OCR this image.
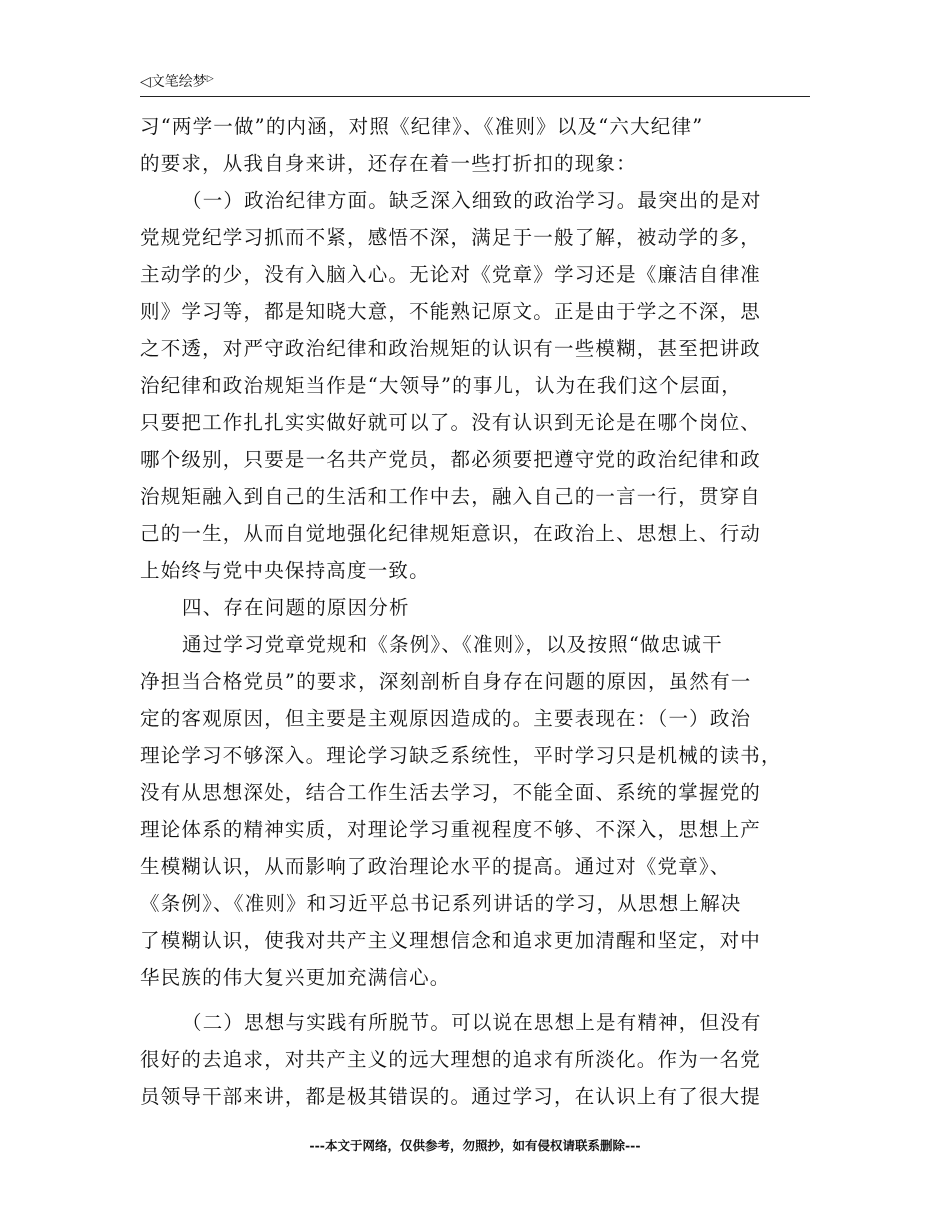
◁文笔绘梦▷
习“两学一做”的内涵，对照《纪律》、《准则》以及“六大纪律”
的要求，从我自身来讲，还存在着一些打折扣的现象：
（一）政治纪律方面。缺乏深入细致的政治学习。最突出的是对
党规党纪学习抓而不紧，感悟不深，满足于一般了解，被动学的多，
主动学的少，没有入脑入心。无论对《党章》学习还是《廉洁自律准
则》学习等，都是知晓大意，不能熟记原文。正是由于学之不深，思
之不透，对严守政治纪律和政治规矩的认识有一些模糊，甚至把讲政
治纪律和政治规矩当作是“大领导”的事儿，认为在我们这个层面，
只要把工作扎扎实实做好就可以了。没有认识到无论是在哪个岗位、
哪个级别，只要是一名共产党员，都必须要把遵守党的政治纪律和政
治规矩融入到自己的生活和工作中去，融入自己的一言一行，贯穿自
己的一生，从而自觉地强化纪律规矩意识，在政治上、思想上、行动
上始终与党中央保持高度一致。
四、存在问题的原因分析
通过学习党章党规和《条例》、《准则》，以及按照“做忠诚干
净担当合格党员”的要求，深刻剖析自身存在问题的原因，虽然有一
定的客观原因，但主要是主观原因造成的。主要表现在：（一）政治
理论学习不够深入。理论学习缺乏系统性，平时学习只是机械的读书，
没有从思想深处，结合工作生活去学习，不能全面、系统的掌握党的
理论体系的精神实质，对理论学习重视程度不够、不深入，思想上产
生模糊认识，从而影响了政治理论水平的提高。通过对《党章》、
《条例》、《准则》和习近平总书记系列讲话的学习，从思想上解决
了模糊认识，使我对共产主义理想信念和追求更加清醒和坚定，对中
华民族的伟大复兴更加充满信心。
（二）思想与实践有所脱节。可以说在思想上是有精神，但没有
很好的去追求，对共产主义的远大理想的追求有所淡化。作为一名党
员领导干部来讲，都是极其错误的。通过学习，在认识上有了很大提
---本文于网络，仅供参考，勿照抄，如有侵权请联系删除---
